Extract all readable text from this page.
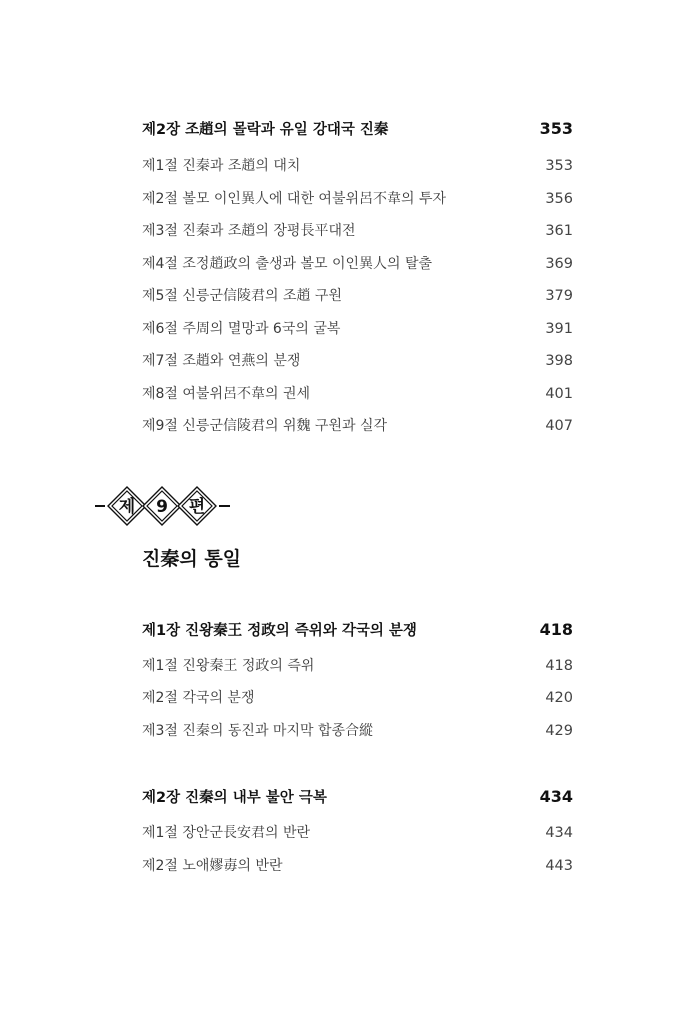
제2장 조趙의 몰락과 유일 강대국 진秦	353
제1절 진秦과 조趙의 대치	353
제2절 볼모 이인異人에 대한 여불위呂不韋의 투자	356
제3절 진秦과 조趙의 장평長平대전	361
제4절 조정趙政의 출생과 볼모 이인異人의 탈출	369
제5절 신릉군信陵君의 조趙 구원	379
제6절 주周의 멸망과 6국의 굴복	391
제7절 조趙와 연燕의 분쟁	398
제8절 여불위呂不韋의 권세	401
제9절 신릉군信陵君의 위魏 구원과 실각	407
제 9 편
진秦의 통일
제1장 진왕秦王 정政의 즉위와 각국의 분쟁	418
제1절 진왕秦王 정政의 즉위	418
제2절 각국의 분쟁	420
제3절 진秦의 동진과 마지막 합종合縱	429
제2장 진秦의 내부 불안 극복	434
제1절 장안군長安君의 반란	434
제2절 노애嫪毐의 반란	443
